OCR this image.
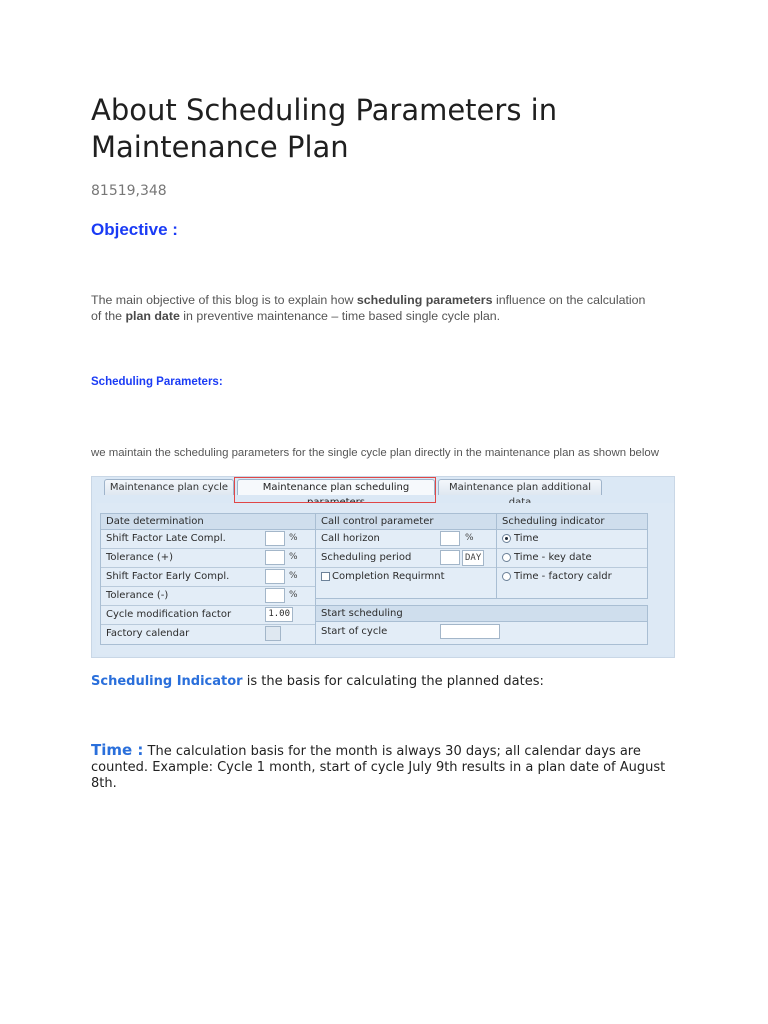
About Scheduling Parameters in Maintenance Plan
81519,348
Objective :

The main objective of this blog is to explain how scheduling parameters influence on the calculation of the plan date in preventive maintenance – time based single cycle plan.

Scheduling Parameters:

we maintain the scheduling parameters for the single cycle plan directly in the maintenance plan as shown below

Maintenance plan cycle	Maintenance plan scheduling	Maintenance plan additional
Date determination
Shift Factor Late Compl.	%
Tolerance (+)	%
Shift Factor Early Compl.	%
Tolerance (-)	%
Cycle modification factor	1.00
Factory calendar
Call control parameter
Call horizon	%
Scheduling period	DAY
Completion Requirmnt
Scheduling indicator
Time
Time - key date
Time - factory caldr
Start scheduling
Start of cycle
Scheduling Indicator is the basis for calculating the planned dates:

Time : The calculation basis for the month is always 30 days; all calendar days are counted. Example: Cycle 1 month, start of cycle July 9th results in a plan date of August 8th.
